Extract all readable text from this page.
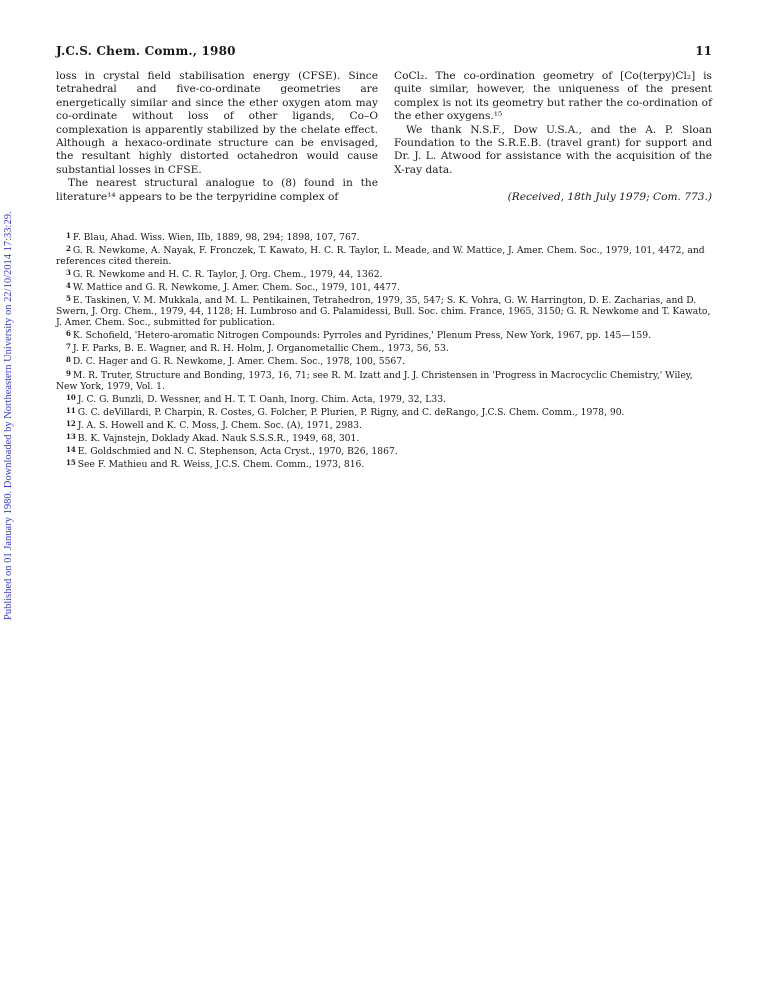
Published on 01 January 1980. Downloaded by Northeastern University on 22/10/2014 17:33:29.
J.C.S. Chem. Comm., 1980	11

loss in crystal field stabilisation energy (CFSE). Since tetrahedral and five-co-ordinate geometries are energetically similar and since the ether oxygen atom may co-ordinate without loss of other ligands, Co–O complexation is apparently stabilized by the chelate effect. Although a hexaco-ordinate structure can be envisaged, the resultant highly distorted octahedron would cause substantial losses in CFSE.

The nearest structural analogue to (8) found in the literature¹⁴ appears to be the terpyridine complex of

CoCl₂. The co-ordination geometry of [Co(terpy)Cl₂] is quite similar, however, the uniqueness of the present complex is not its geometry but rather the co-ordination of the ether oxygens.¹⁵

We thank N.S.F., Dow U.S.A., and the A. P. Sloan Foundation to the S.R.E.B. (travel grant) for support and Dr. J. L. Atwood for assistance with the acquisition of the X-ray data.

(Received, 18th July 1979; Com. 773.)

$^1$ F. Blau, Ahad. Wiss. Wien, IIb, 1889, 98, 294; 1898, 107, 767.

$^2$ G. R. Newkome, A. Nayak, F. Fronczek, T. Kawato, H. C. R. Taylor, L. Meade, and W. Mattice, J. Amer. Chem. Soc., 1979, 101, 4472, and references cited therein.

$^3$ G. R. Newkome and H. C. R. Taylor, J. Org. Chem., 1979, 44, 1362.

$^4$ W. Mattice and G. R. Newkome, J. Amer. Chem. Soc., 1979, 101, 4477.

$^5$ E. Taskinen, V. M. Mukkala, and M. L. Pentikainen, Tetrahedron, 1979, 35, 547; S. K. Vohra, G. W. Harrington, D. E. Zacharias, and D. Swern, J. Org. Chem., 1979, 44, 1128; H. Lumbroso and G. Palamidessi, Bull. Soc. chim. France, 1965, 3150; G. R. Newkome and T. Kawato, J. Amer. Chem. Soc., submitted for publication.

$^6$ K. Schofield, 'Hetero-aromatic Nitrogen Compounds: Pyrroles and Pyridines,' Plenum Press, New York, 1967, pp. 145—159.

$^7$ J. F. Parks, B. E. Wagner, and R. H. Holm, J. Organometallic Chem., 1973, 56, 53.

$^8$ D. C. Hager and G. R. Newkome, J. Amer. Chem. Soc., 1978, 100, 5567.

$^9$ M. R. Truter, Structure and Bonding, 1973, 16, 71; see R. M. Izatt and J. J. Christensen in 'Progress in Macrocyclic Chemistry,' Wiley, New York, 1979, Vol. 1.

$^{10}$ J. C. G. Bunzli, D. Wessner, and H. T. T. Oanh, Inorg. Chim. Acta, 1979, 32, L33.

$^{11}$ G. C. deVillardi, P. Charpin, R. Costes, G. Folcher, P. Plurien, P. Rigny, and C. deRango, J.C.S. Chem. Comm., 1978, 90.

$^{12}$ J. A. S. Howell and K. C. Moss, J. Chem. Soc. (A), 1971, 2983.

$^{13}$ B. K. Vajnstejn, Doklady Akad. Nauk S.S.S.R., 1949, 68, 301.

$^{14}$ E. Goldschmied and N. C. Stephenson, Acta Cryst., 1970, B26, 1867.

$^{15}$ See F. Mathieu and R. Weiss, J.C.S. Chem. Comm., 1973, 816.
